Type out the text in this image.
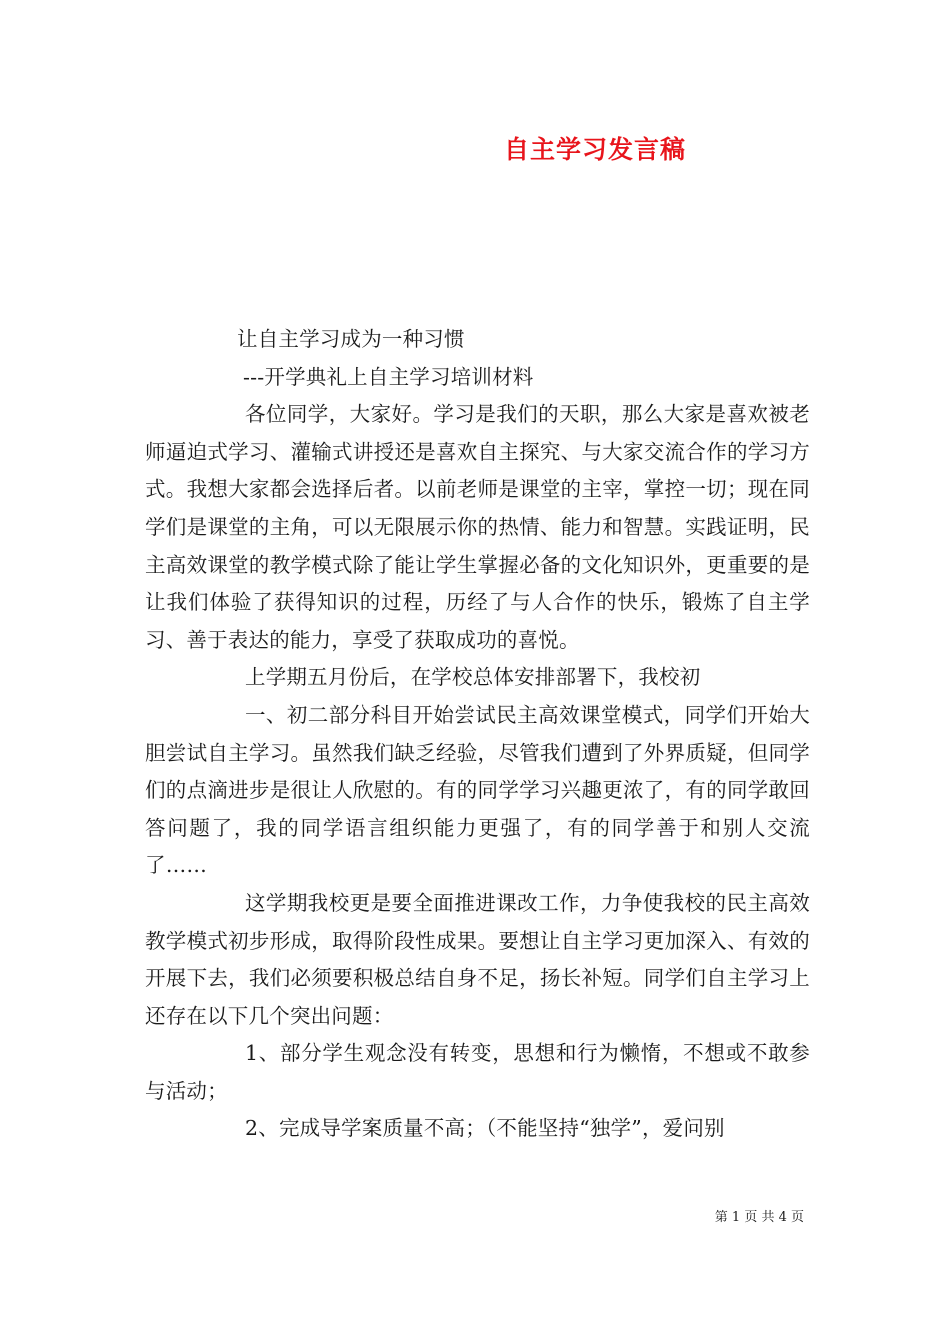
自主学习发言稿

让自主学习成为一种习惯

---开学典礼上自主学习培训材料

各位同学，大家好。学习是我们的天职，那么大家是喜欢被老师逼迫式学习、灌输式讲授还是喜欢自主探究、与大家交流合作的学习方式。我想大家都会选择后者。以前老师是课堂的主宰，掌控一切；现在同学们是课堂的主角，可以无限展示你的热情、能力和智慧。实践证明，民主高效课堂的教学模式除了能让学生掌握必备的文化知识外，更重要的是让我们体验了获得知识的过程，历经了与人合作的快乐，锻炼了自主学习、善于表达的能力，享受了获取成功的喜悦。

上学期五月份后，在学校总体安排部署下，我校初

一、初二部分科目开始尝试民主高效课堂模式，同学们开始大胆尝试自主学习。虽然我们缺乏经验，尽管我们遭到了外界质疑，但同学们的点滴进步是很让人欣慰的。有的同学学习兴趣更浓了，有的同学敢回答问题了，我的同学语言组织能力更强了，有的同学善于和别人交流了……

这学期我校更是要全面推进课改工作，力争使我校的民主高效教学模式初步形成，取得阶段性成果。要想让自主学习更加深入、有效的开展下去，我们必须要积极总结自身不足，扬长补短。同学们自主学习上还存在以下几个突出问题：

1、部分学生观念没有转变，思想和行为懒惰，不想或不敢参与活动；

2、完成导学案质量不高；（不能坚持“独学”，爱问别

第 1 页 共 4 页
